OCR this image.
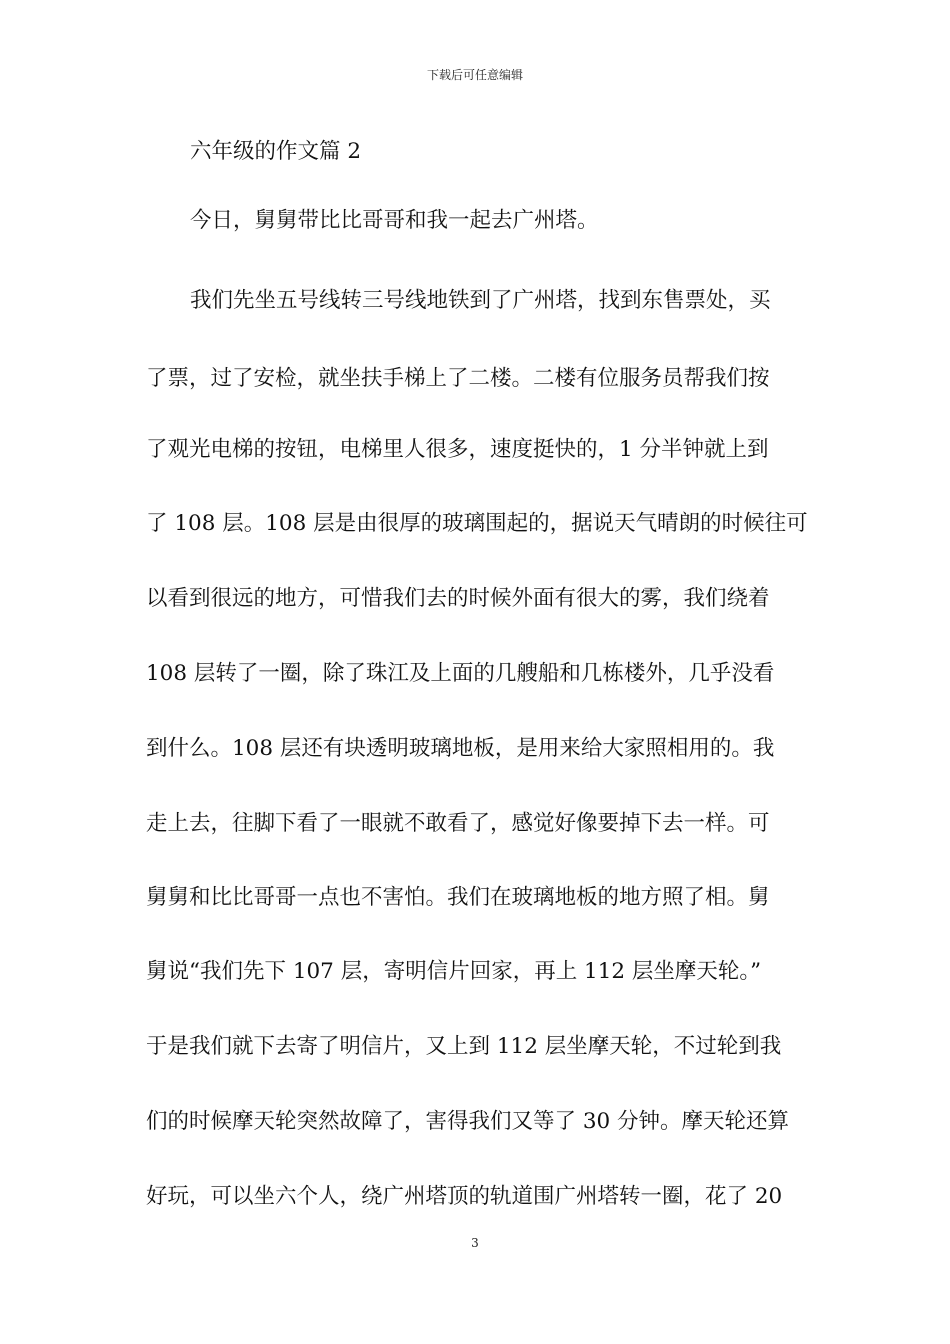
下载后可任意编辑
六年级的作文篇 2
今日，舅舅带比比哥哥和我一起去广州塔。
我们先坐五号线转三号线地铁到了广州塔，找到东售票处，买
了票，过了安检，就坐扶手梯上了二楼。二楼有位服务员帮我们按
了观光电梯的按钮，电梯里人很多，速度挺快的，1 分半钟就上到
了 108 层。108 层是由很厚的玻璃围起的，据说天气晴朗的时候往可
以看到很远的地方，可惜我们去的时候外面有很大的雾，我们绕着
108 层转了一圈，除了珠江及上面的几艘船和几栋楼外，几乎没看
到什么。108 层还有块透明玻璃地板，是用来给大家照相用的。我
走上去，往脚下看了一眼就不敢看了，感觉好像要掉下去一样。可
舅舅和比比哥哥一点也不害怕。我们在玻璃地板的地方照了相。舅
舅说“我们先下 107 层，寄明信片回家，再上 112 层坐摩天轮。”
于是我们就下去寄了明信片，又上到 112 层坐摩天轮，不过轮到我
们的时候摩天轮突然故障了，害得我们又等了 30 分钟。摩天轮还算
好玩，可以坐六个人，绕广州塔顶的轨道围广州塔转一圈，花了 20
3
